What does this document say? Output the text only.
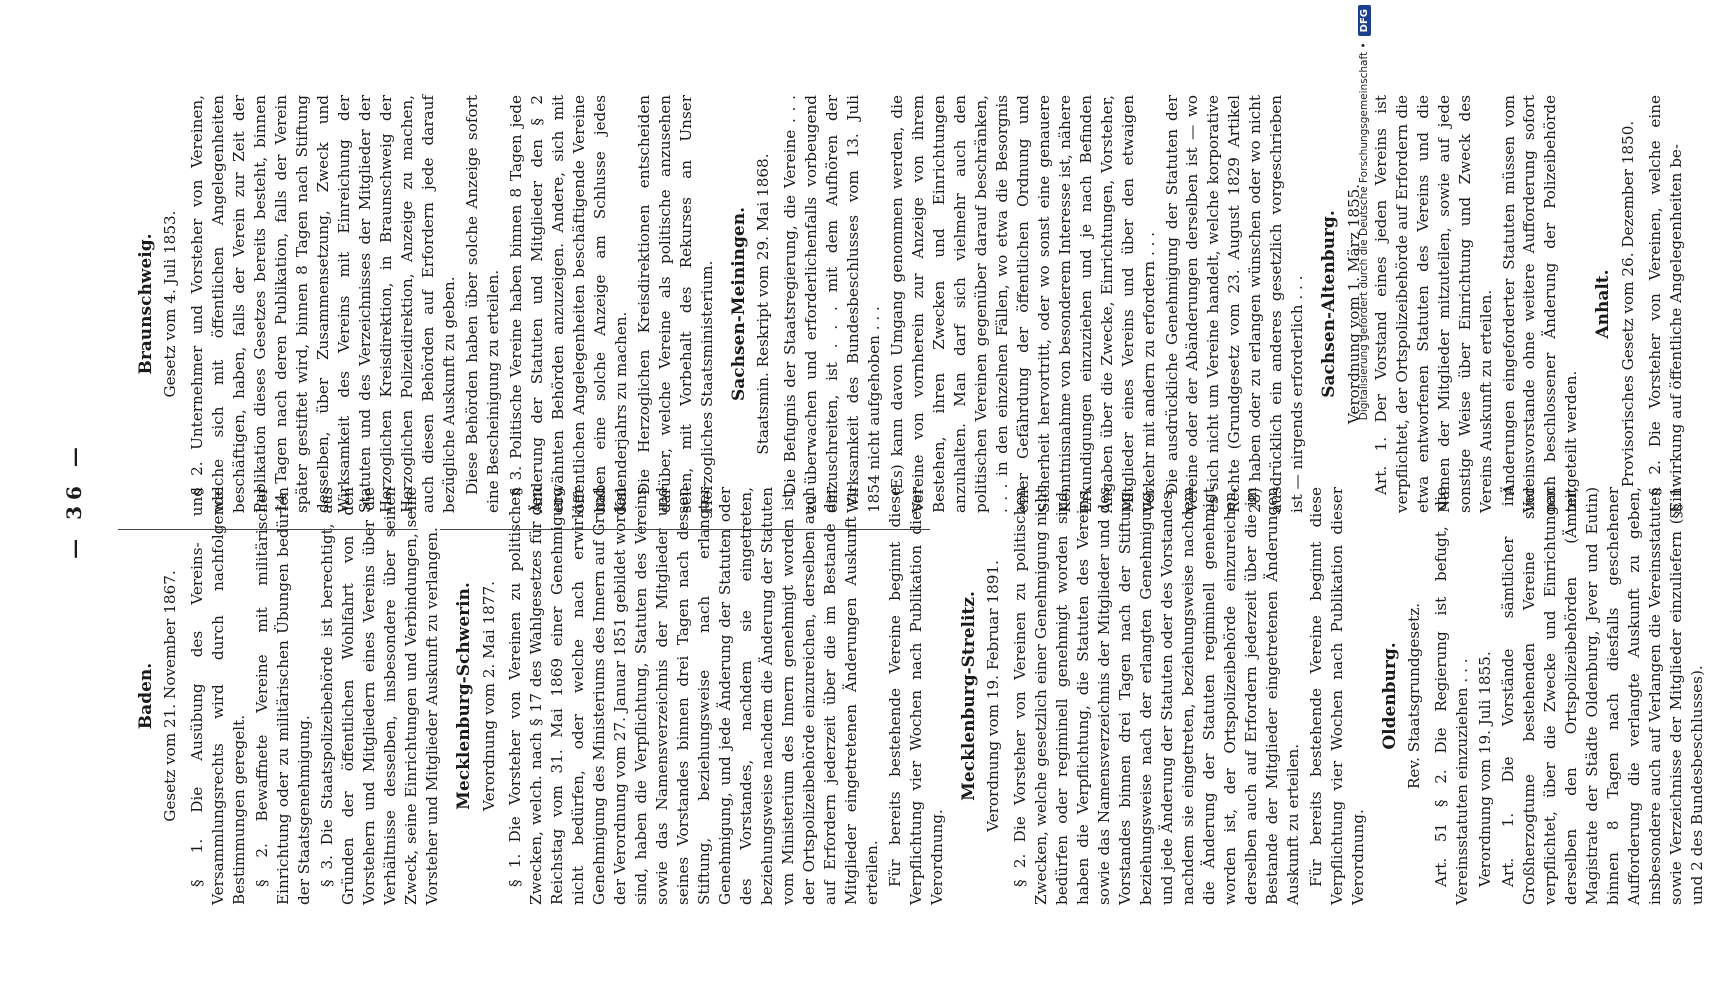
— 36 —
Baden. Gesetz vom 21. November 1867. § 1. Die Ausübung des Vereins- und Versammlungsrechts wird durch nachfolgende Bestimmungen geregelt. § 2. Bewaffnete Vereine mit militärischer Einrichtung oder zu militärischen Übungen bedürfen der Staatsgenehmigung. § 3. Die Staatspolizeibehörde ist berechtigt, aus Gründen der öffentlichen Wohlfahrt von den Vorstehern und Mitgliedern eines Vereins über die Verhältnisse desselben, insbesondere über seinen Zweck, seine Einrichtungen und Verbindungen, seine Vorsteher und Mitglieder Auskunft zu verlangen. Mecklenburg-Schwerin. Verordnung vom 2. Mai 1877. § 1. Die Vorsteher von Vereinen zu politischen Zwecken, welch. nach § 17 des Wahlgesetzes für den Reichstag vom 31. Mai 1869 einer Genehmigung nicht bedürfen, oder welche nach erwirkter Genehmigung des Ministeriums des Innern auf Grund der Verordnung vom 27. Januar 1851 gebildet worden sind, haben die Verpflichtung, Statuten des Vereins sowie das Namensverzeichnis der Mitglieder und seines Vorstandes binnen drei Tagen nach dessen Stiftung, beziehungsweise nach erlangter Genehmigung, und jede Änderung der Statuten oder des Vorstandes, nachdem sie eingetreten, beziehungsweise nachdem die Änderung der Statuten vom Ministerium des Innern genehmigt worden ist, der Ortspolizeibehörde einzureichen, derselben auch auf Erfordern jederzeit über die im Bestande der Mitglieder eingetretenen Änderungen Auskunft zu erteilen. Für bereits bestehende Vereine beginnt diese Verpflichtung vier Wochen nach Publikation dieser Verordnung.
Mecklenburg-Strelitz. Verordnung vom 19. Februar 1891. § 2. Die Vorsteher von Vereinen zu politischen Zwecken, welche gesetzlich einer Genehmigung nicht bedürfen oder regiminell genehmigt worden sind, haben die Verpflichtung, die Statuten des Vereins, sowie das Namensverzeichnis der Mitglieder und des Vorstandes binnen drei Tagen nach der Stiftung, beziehungsweise nach der erlangten Genehmigung, und jede Änderung der Statuten oder des Vorstandes, nachdem sie eingetreten, beziehungsweise nachdem die Änderung der Statuten regiminell genehmigt worden ist, der Ortspolizeibehörde einzureichen, derselben auch auf Erfordern jederzeit über die im Bestande der Mitglieder eingetretenen Änderungen Auskunft zu erteilen. Für bereits bestehende Vereine beginnt diese Verpflichtung vier Wochen nach Publikation dieser Verordnung.
Oldenburg. Rev. Staatsgrundgesetz. Art. 51 § 2. Die Regierung ist befugt, die Vereinsstatuten einzuziehen . . . Verordnung vom 19. Juli 1855. Art. 1. Die Vorstände sämtlicher im Großherzogtume bestehenden Vereine sind verpflichtet, über die Zwecke und Einrichtungen derselben den Ortspolizeibehörden (Ämter, Magistrate der Städte Oldenburg, Jever und Eutin) binnen 8 Tagen nach diesfalls geschehener Aufforderung die verlangte Auskunft zu geben, insbesondere auch auf Verlangen die Vereinsstatuten sowie Verzeichnisse der Mitglieder einzuliefern (§§ 1 und 2 des Bundesbeschlusses).
Braunschweig. Gesetz vom 4. Juli 1853. § 2. Unternehmer und Vorsteher von Vereinen, welche sich mit öffentlichen Angelegenheiten beschäftigen, haben, falls der Verein zur Zeit der Publikation dieses Gesetzes bereits besteht, binnen 14 Tagen nach deren Publikation, falls der Verein später gestiftet wird, binnen 8 Tagen nach Stiftung desselben, über Zusammensetzung, Zweck und Wirksamkeit des Vereins mit Einreichung der Statuten und des Verzeichnisses der Mitglieder der Herzoglichen Kreisdirektion, in Braunschweig der Herzoglichen Polizeidirektion, Anzeige zu machen, auch diesen Behörden auf Erfordern jede darauf bezügliche Auskunft zu geben. Diese Behörden haben über solche Anzeige sofort eine Bescheinigung zu erteilen. § 3. Politische Vereine haben binnen 8 Tagen jede Änderung der Statuten und Mitglieder den § 2 erwähnten Behörden anzuzeigen. Andere, sich mit öffentlichen Angelegenheiten beschäftigende Vereine haben eine solche Anzeige am Schlusse jedes Kalenderjahrs zu machen. Die Herzoglichen Kreisdirektionen entscheiden darüber, welche Vereine als politische anzusehen seien, mit Vorbehalt des Rekurses an Unser Herzogliches Staatsministerium. Sachsen-Meiningen. Staatsmin. Reskript vom 29. Mai 1868. Die Befugnis der Staatsregierung, die Vereine . . . zu überwachen und erforderlichenfalls vorbeugend einzuschreiten, ist . . . mit dem Aufhören der Wirksamkeit des Bundesbeschlusses vom 13. Juli 1854 nicht aufgehoben . . . (Es) kann davon Umgang genommen werden, die Vereine von vornherein zur Anzeige von ihrem Bestehen, ihren Zwecken und Einrichtungen anzuhalten. Man darf sich vielmehr auch den politischen Vereinen gegenüber darauf beschränken, . . . in den einzelnen Fällen, wo etwa die Besorgnis einer Gefährdung der öffentlichen Ordnung und Sicherheit hervortritt, oder wo sonst eine genauere Kenntnisnahme von besonderem Interesse ist, nähere Erkundigungen einzuziehen und je nach Befinden Angaben über die Zwecke, Einrichtungen, Vorsteher, Mitglieder eines Vereins und über den etwaigen Verkehr mit andern zu erfordern . . . Die ausdrückliche Genehmigung der Statuten der Vereine oder der Abänderungen derselben ist — wo es sich nicht um Vereine handelt, welche korporative Rechte (Grundgesetz vom 23. August 1829 Artikel 28) haben oder zu erlangen wünschen oder wo nicht ausdrücklich ein anderes gesetzlich vorgeschrieben ist — nirgends erforderlich . . . Sachsen-Altenburg. Verordnung vom 1. März 1855. Art. 1. Der Vorstand eines jeden Vereins ist verpflichtet, der Ortspolizeibehörde auf Erfordern die etwa entworfenen Statuten des Vereins und die Namen der Mitglieder mitzuteilen, sowie auf jede sonstige Weise über Einrichtung und Zweck des Vereins Auskunft zu erteilen. Änderungen eingeforderter Statuten müssen vom Vereinsvorstande ohne weitere Aufforderung sofort nach beschlossener Änderung der Polizeibehörde mitgeteilt werden.
Anhalt. Provisorisches Gesetz vom 26. Dezember 1850. § 2. Die Vorsteher von Vereinen, welche eine Einwirkung auf öffentliche Angelegenheiten be-
Digitalisierung gefördert durch die Deutsche Forschungsgemeinschaft •
DFG
